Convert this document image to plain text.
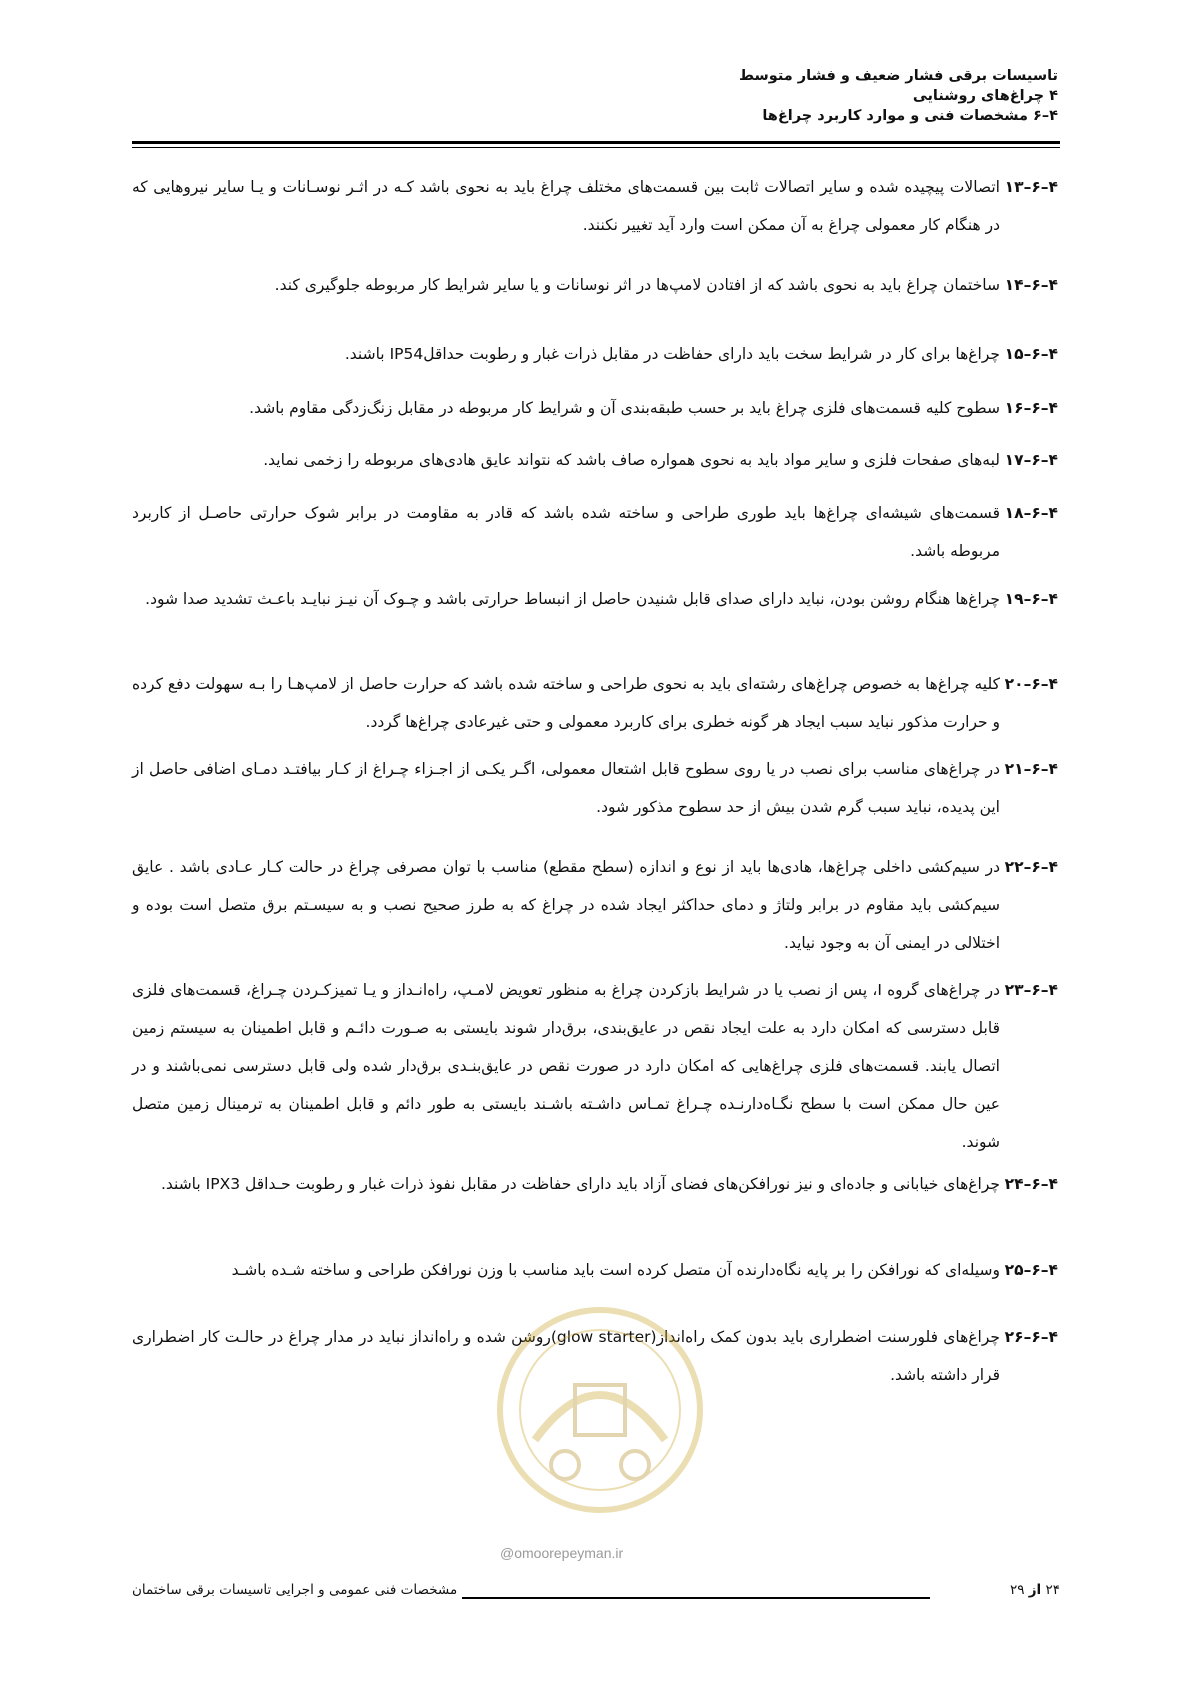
تاسیسات برقی فشار ضعیف و فشار متوسط
۴ چراغ‌های روشنایی
۴–۶ مشخصات فنی و موارد کاربرد چراغ‌ها
۴–۶–۱۳
اتصالات پیچیده شده و سایر اتصالات ثابت بین قسمت‌های مختلف چراغ باید به نحوی باشد کـه در اثـر نوسـانات و یـا سایر نیروهایی که در هنگام کار معمولی چراغ به آن ممکن است وارد آید تغییر نکنند.
۴–۶–۱۴
ساختمان چراغ باید به نحوی باشد که از افتادن لامپ‌ها در اثر نوسانات و یا سایر شرایط کار مربوطه جلوگیری کند.
۴–۶–۱۵
چراغ‌ها برای کار در شرایط سخت باید دارای حفاظت در مقابل ذرات غبار و رطوبت حداقلIP54 باشند.
۴–۶–۱۶
سطوح کلیه قسمت‌های فلزی چراغ باید بر حسب طبقه‌بندی آن و شرایط کار مربوطه در مقابل زنگ‌زدگی مقاوم باشد.
۴–۶–۱۷
لبه‌های صفحات فلزی و سایر مواد باید به نحوی همواره صاف باشد که نتواند عایق هادی‌های مربوطه را زخمی نماید.
۴–۶–۱۸
قسمت‌های شیشه‌ای چراغ‌ها باید طوری طراحی و ساخته شده باشد که قادر به مقاومت در برابر شوک حرارتی حاصـل از کاربرد مربوطه باشد.
۴–۶–۱۹
چراغ‌ها هنگام روشن بودن، نباید دارای صدای قابل شنیدن حاصل از انبساط حرارتی باشد و چـوک آن نیـز نبایـد باعـث تشدید صدا شود.
۴–۶–۲۰
کلیه چراغ‌ها به خصوص چراغ‌های رشته‌ای باید به نحوی طراحی و ساخته شده باشد که حرارت حاصل از لامپ‌هـا را بـه سهولت دفع کرده و حرارت مذکور نباید سبب ایجاد هر گونه خطری برای کاربرد معمولی و حتی غیرعادی چراغ‌ها گردد.
۴–۶–۲۱
در چراغ‌های مناسب برای نصب در یا روی سطوح قابل اشتعال معمولی، اگـر یکـی از اجـزاء چـراغ از کـار بیافتـد دمـای اضافی حاصل از این پدیده، نباید سبب گرم شدن بیش از حد سطوح مذکور شود.
۴–۶–۲۲
در سیم‌کشی داخلی چراغ‌ها، هادی‌ها باید از نوع و اندازه (سطح مقطع) مناسب با توان مصرفی چراغ در حالت کـار عـادی باشد . عایق سیم‌کشی باید مقاوم در برابر ولتاژ و دمای حداکثر ایجاد شده در چراغ که به طرز صحیح نصب و به سیسـتم برق متصل است بوده و اختلالی در ایمنی آن به وجود نیاید.
۴–۶–۲۳
در چراغ‌های گروه I، پس از نصب یا در شرایط بازکردن چراغ به منظور تعویض لامـپ، راه‌انـداز و یـا تمیزکـردن چـراغ، قسمت‌های فلزی قابل دسترسی که امکان دارد به علت ایجاد نقص در عایق‌بندی، برق‌دار شوند بایستی به صـورت دائـم و قابل اطمینان به سیستم زمین اتصال یابند. قسمت‌های فلزی چراغ‌هایی که امکان دارد در صورت نقص در عایق‌بنـدی برق‌دار شده ولی قابل دسترسی نمی‌باشند و در عین حال ممکن است با سطح نگـاه‌دارنـده چـراغ تمـاس داشـته باشـند بایستی به طور دائم و قابل اطمینان به ترمینال زمین متصل شوند.
۴–۶–۲۴
چراغ‌های خیابانی و جاده‌ای و نیز نورافکن‌های فضای آزاد باید دارای حفاظت در مقابل نفوذ ذرات غبار و رطوبت حـداقل IPX3 باشند.
۴–۶–۲۵
وسیله‌ای که نورافکن را بر پایه نگاه‌دارنده آن متصل کرده است باید مناسب با وزن نورافکن طراحی و ساخته شـده باشـد
۴–۶–۲۶
چراغ‌های فلورسنت اضطراری باید بدون کمک راه‌انداز(glow starter)روشن شده و راه‌انداز نباید در مدار چراغ در حالـت کار اضطراری قرار داشته باشد.
@omoorepeyman.ir
۲۴ از ۲۹
مشخصات فنی عمومی و اجرایی تاسیسات برقی ساختمان
